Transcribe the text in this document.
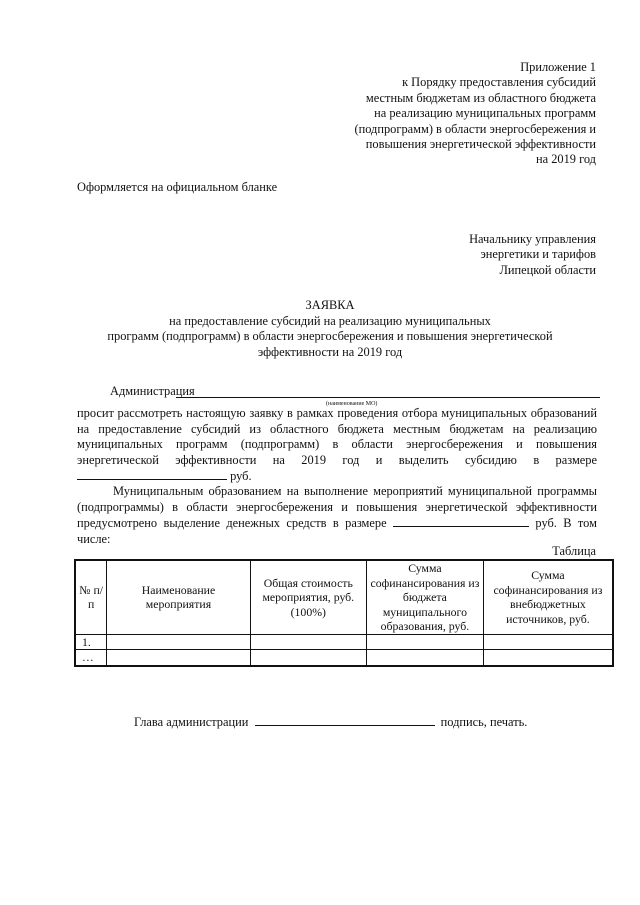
Приложение 1
к Порядку предоставления субсидий
местным бюджетам из областного бюджета
на реализацию муниципальных программ
(подпрограмм) в области энергосбережения и
повышения энергетической эффективности
на 2019 год
Оформляется на официальном бланке
Начальнику управления
энергетики и тарифов
Липецкой области
ЗАЯВКА
на предоставление субсидий на реализацию муниципальных
программ (подпрограмм) в области энергосбережения и повышения энергетической
эффективности на 2019 год
Администрация
(наименование МО)
просит рассмотреть настоящую заявку в рамках проведения отбора муниципальных образований на предоставление субсидий из областного бюджета местным бюджетам на реализацию муниципальных программ (подпрограмм) в области энергосбережения и повышения энергетической эффективности на 2019 год и выделить субсидию в размере  руб.
Муниципальным образованием на выполнение мероприятий муниципальной программы (подпрограммы) в области энергосбережения и повышения энергетической эффективности предусмотрено выделение денежных средств в размере	руб. В том числе:
Таблица
№ п/п	Наименование мероприятия	Общая стоимость мероприятия, руб. (100%)	Сумма софинансирования из бюджета муниципального образования, руб.	Сумма софинансирования из внебюджетных источников, руб.
1.				
…				
Глава администрации	подпись, печать.
